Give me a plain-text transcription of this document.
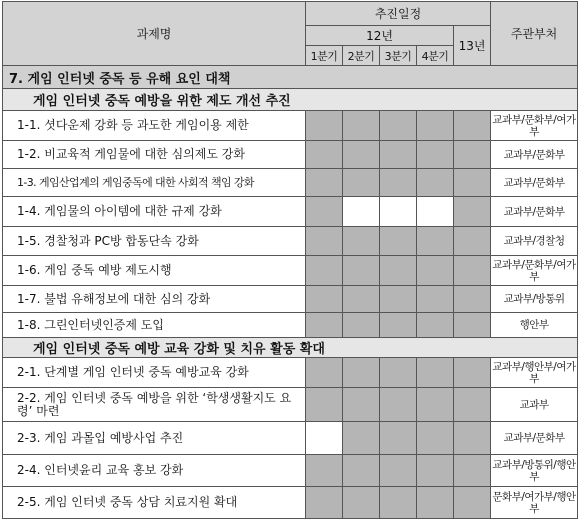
과제명	추진일정					주관부처
	12년				13년	
	1분기	2분기	3분기	4분기		
7. 게임 인터넷 중독 등 유해 요인 대책						
게임 인터넷 중독 예방을 위한 제도 개선 추진						
1-1. 셧다운제 강화 등 과도한 게임이용 제한						교과부/문화부/여가부
1-2. 비교육적 게임물에 대한 심의제도 강화						교과부/문화부
1-3. 게임산업계의 게임중독에 대한 사회적 책임 강화						교과부/문화부
1-4. 게임물의 아이템에 대한 규제 강화						교과부/문화부
1-5. 경찰청과 PC방 합동단속 강화						교과부/경찰청
1-6. 게임 중독 예방 제도시행						교과부/문화부/여가부
1-7. 불법 유해정보에 대한 심의 강화						교과부/방통위
1-8. 그린인터넷인증제 도입						행안부
게임 인터넷 중독 예방 교육 강화 및 치유 활동 확대						
2-1. 단계별 게임 인터넷 중독 예방교육 강화						교과부/행안부/여가부
2-2. 게임 인터넷 중독 예방을 위한 ‘학생생활지도 요령’ 마련						교과부
2-3. 게임 과몰입 예방사업 추진						교과부/문화부
2-4. 인터넷윤리 교육 홍보 강화						교과부/방통위/행안부
2-5. 게임 인터넷 중독 상담 치료지원 확대						문화부/여가부/행안부
